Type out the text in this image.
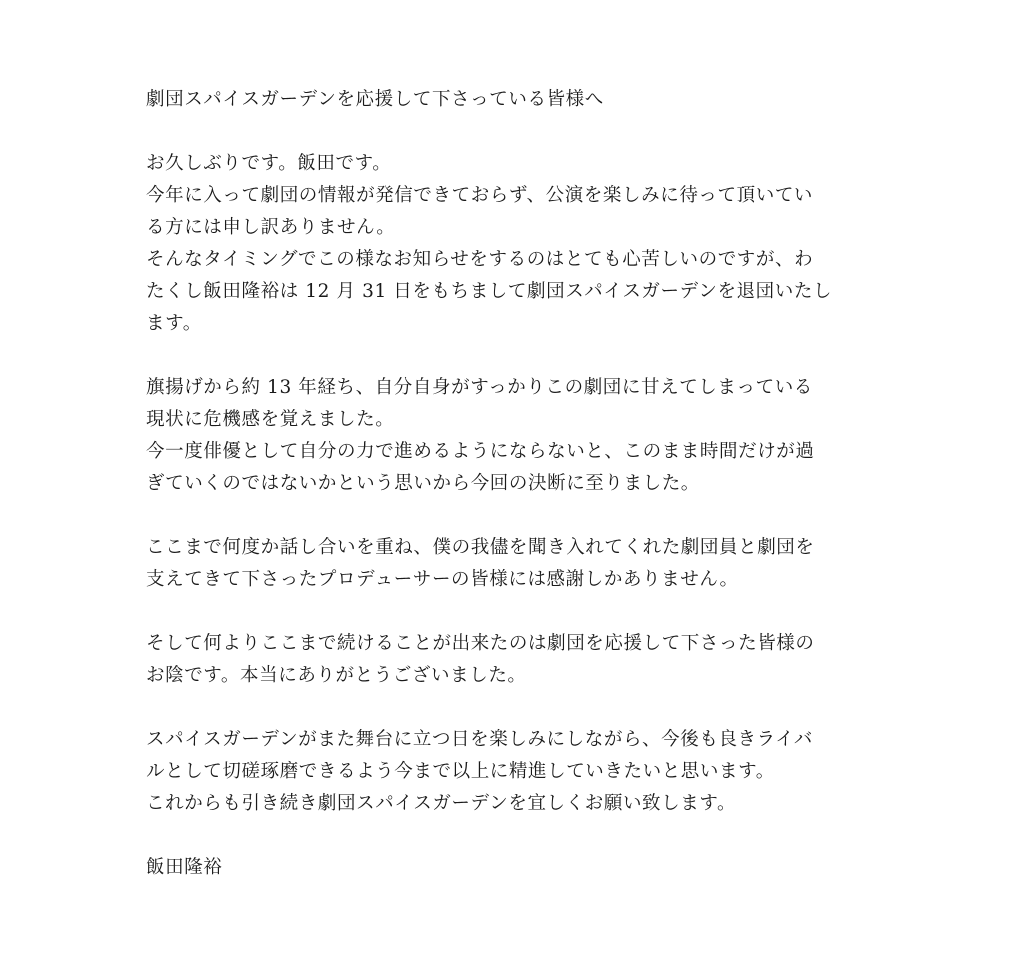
劇団スパイスガーデンを応援して下さっている皆様へ
お久しぶりです。飯田です。
今年に入って劇団の情報が発信できておらず、公演を楽しみに待って頂いてい
る方には申し訳ありません。
そんなタイミングでこの様なお知らせをするのはとても心苦しいのですが、わ
たくし飯田隆裕は 12 月 31 日をもちまして劇団スパイスガーデンを退団いたし
ます。
旗揚げから約 13 年経ち、自分自身がすっかりこの劇団に甘えてしまっている
現状に危機感を覚えました。
今一度俳優として自分の力で進めるようにならないと、このまま時間だけが過
ぎていくのではないかという思いから今回の決断に至りました。
ここまで何度か話し合いを重ね、僕の我儘を聞き入れてくれた劇団員と劇団を
支えてきて下さったプロデューサーの皆様には感謝しかありません。
そして何よりここまで続けることが出来たのは劇団を応援して下さった皆様の
お陰です。本当にありがとうございました。
スパイスガーデンがまた舞台に立つ日を楽しみにしながら、今後も良きライバ
ルとして切磋琢磨できるよう今まで以上に精進していきたいと思います。
これからも引き続き劇団スパイスガーデンを宜しくお願い致します。
飯田隆裕
